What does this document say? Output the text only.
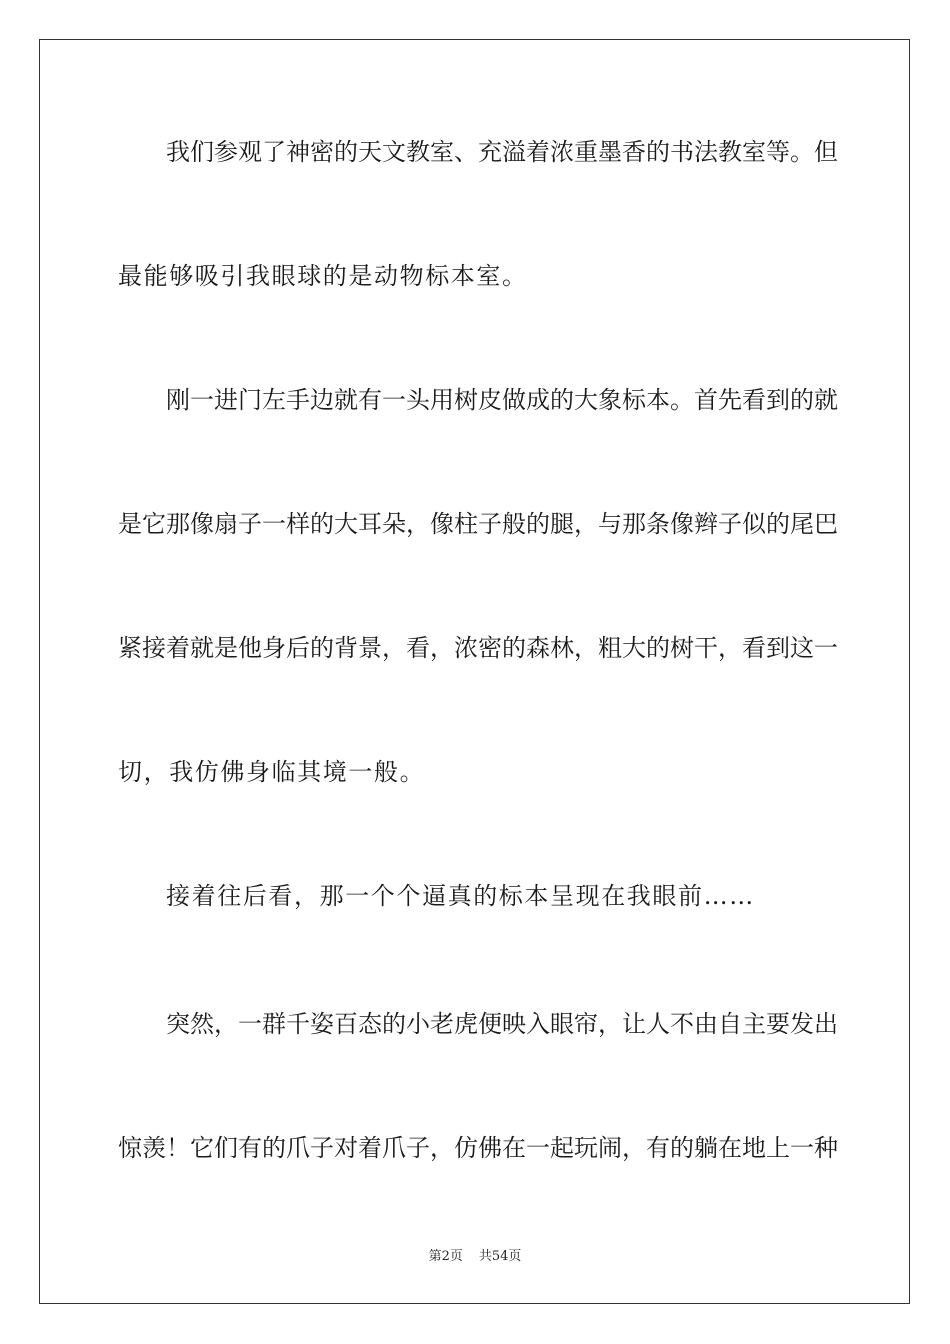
我们参观了神密的天文教室、充溢着浓重墨香的书法教室等。但
最能够吸引我眼球的是动物标本室。
刚一进门左手边就有一头用树皮做成的大象标本。首先看到的就
是它那像扇子一样的大耳朵，像柱子般的腿，与那条像辫子似的尾巴
紧接着就是他身后的背景，看，浓密的森林，粗大的树干，看到这一
切，我仿佛身临其境一般。
接着往后看，那一个个逼真的标本呈现在我眼前……
突然，一群千姿百态的小老虎便映入眼帘，让人不由自主要发出
惊羡！它们有的爪子对着爪子，仿佛在一起玩闹，有的躺在地上一种
第2页 共54页
